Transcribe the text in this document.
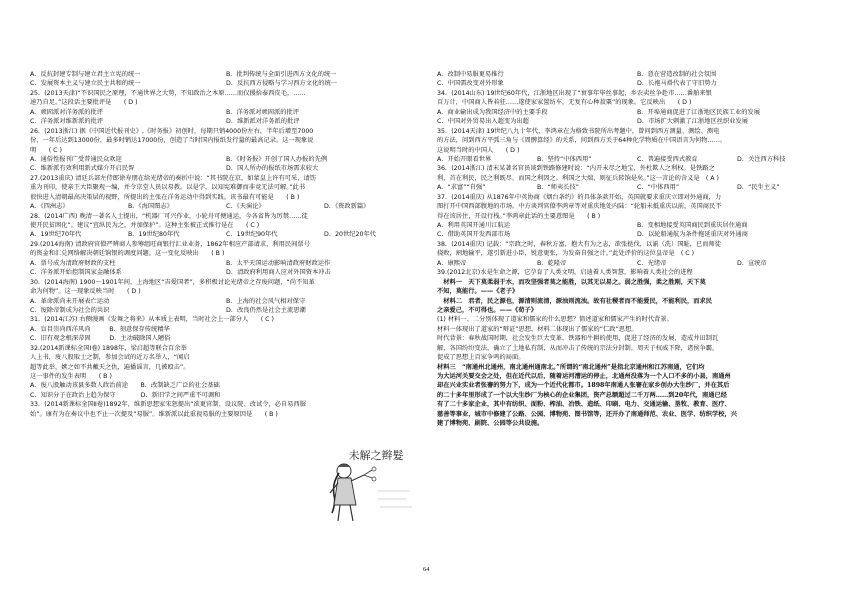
A．反抗封建专制与建立君主立宪的统一	B．批判传统与全面引进西方文化的统一
C．发展资本主义与建立民主共和的统一	D．反抗西方侵略与学习西方文化的统一
25．(2013天津)“不识国民之原理，不通世界之大势，不知政治之本原……而仅援拾泰西皮毛，……
速乃自足。”这段话主要批评是　　( D )
A．顽固派对洋务派的批评	B．洋务派对顽固派的批评
C．洋务派对维新派的批评	D．维新派对洋务派的批评
26．(2013浙江) 据《中国近代报刊史》,《时务报》初创时，每期只销4000份左右，半年后增至7000
份，一年后达到13000份，最多时销达17000份，创造了当时国内报纸发行量的最高记录。这一现象说
明　　( C )
A．通俗性报刊广受普通民众欢迎	B．《时务报》开创了国人办报的先例
C．维新派有效利用新式媒介开启民智	D．国人所办的报纸市场需求较大
27.(2013重庆) 清廷兵部左侍郎徐寿朋在给光绪帝的奏折中说：“其书院在京，如蒙皇上许有可采，请饬
重为刊印，使亲王大臣聚观一编，并令京堂人员以易教。以是学，以知宪难御而非竞无法可解。”此书
很快进入清朝最高决策层的视野，所提出的主张在洋务运动中得到实践。该书最有可能是　　( B )
A．《四洲志》	B．《海国图志》	C．《天演论》	D．《资政新篇》
28．(2014广西) 晚清一著名人士提出，“机器厂可兴作业，小轮舟可便通运，今各省皆为厉禁……徒
使开民贫困化”。建议“宜纵民为之，并加保护”。这种主张被正式推行是在　　( C )
A．19世纪70年代	B．19世纪80年代	C．19世纪90年代	D．20世纪20年代
29.(2014海南) 清政府官僚严辨商人参筹组旺商银行汇业业务，1862年相应产部请求，利用民间票号
的资金和汇兑网络解决朝廷饷银的调度问题。这一变化反映出　　( B )
A．票号成为清政府财政的支柱	B．太平天国运动影响清政府财政运作
C．洋务派开始控制国家金融体系	D．清政府利用商人应对外国资本冲击
30．(2014海南) 1900～1901年间，上海地区“吉爱国者”，多积极讨论光绪帝之存废问题，“尚不知革
命为何物”。这一现象反映当时　　( D )
A．革命派尚未开展表亡运动	B．上海的社会风气相对保守
C．废除帝制成为社会的共识	D．改良仍然是社会主流思潮
31．(2014江苏) 右侧漫画《发舞之将来》从本质上表明，当时社会上一部分人　　( C )
A．盲目崇尚西洋风尚　　　B．刻意保存传统精华
C．旧有观念根深蒂固　　　D．主动破除国人陋俗
32.(2014新课标全国Ⅰ卷) 1898年，梁启超等联合百余举
人上书，废八股取士之制，参加会试的近万名举人，“闻启
超等此举，嫉之如不共戴天之仇，遍播谣言，几被殴击”。
这一事件的发生表明　　( B )
A．废八股触动该县多数人政治前途　　B．改制缺乏广泛的社会基础
C．知识分子在政治上趋为保守　　　　D．新旧学之间严重不可调和
33．(2014新课标全国Ⅱ卷)1892年，维新思想家宋恕提出“欲更官制、设议院、改试令，必自易西服
始”。康有为在奏议中也不止一次提及“易服”。维新派以此重视易服的主要原因是　　( B )
A．改制中易服更易推行	B．意在营造改制的社会氛围
C．中国需改变对外形象	D．长袍马褂代表了守旧势力
34．(2014山东) 19世纪60年代，江浙地区出现了“衰事年毕丝事起，乡农卖丝争赴市……番舶来银
百万计，中国商人皆若狂……遂使家家置纺车，无复有心种菽粟”的现象。它反映出　　( D )
A．商业输出成为我国经济中的主要手段	B．开埠通商促进了江浙地区民族工业的发展
C．中国对外贸易出入超变为出超	D．市场扩大刺激了江浙地区丝织业发展
35．(2014天津) 19世纪八九十年代，李鸿章在为格致书院所出考题中，曾问到西方测量、测绘、测电
的方法，问到西方平弧三角与《周髀算经》的关系，问到西方关于64种化学物质在中国语言为何物……。
这说明当时的中国人　　( D )
A．开始开眼看世界	B．坚持“中体西用”	C．普遍接受西式教育	D．关注西方科技
36．(2014浙江) 清末某著名官员谈到铁路修建时说：“内开未尽之地宝，外杜欺人之利权。是铁路之
利，首在利民，民之利既尽，而国之利因之。利国之大端，则征兵转饷是矣。”这一言论的含义是　( A )
A．“求富”“自强”	B．“师夷长技”	C．“中体西用”	D．“民生主义”
37．(2014重庆) 从1876年中英协商《烟台条约》的具体条款开始，英国就要求重庆立即对外通商，力
图打开中国西部腹地的市场。中方谈判官僚李鸿章等对重庆地处内陆：“轮船未抵重庆以前，英国商民不
得在该居住，开设行栈。”李鸿章此话的主要意图是　　( B )
A．利用英国开通川江航运	B．变相地接受英国商民到重庆居住通商
C．借助英国开发西部市场	D．以轮船通航为条件拖延重庆对外通商
38．(2014重庆) 记载：“宗政之时，春秋方富，抱大有为之志，欲张挞伐，以湔（洗）国耻，已而师徒
挠败，割地输平，遂引新进小臣，锐意更张，为发奋自强之计。”此处评价的这位皇帝是　( C )
A．康熙帝	B．乾隆帝	C．光绪帝	D．宣统帝
39.(2012北京)水是生命之源，它孕育了人类文明，启迪着人类智慧，影响着人类社会的进程
　材料一　天下莫柔弱于水，而攻坚强者莫之能胜，以其无以易之。弱之胜强，柔之胜刚，天下莫
不知，莫能行。——《老子》
　材料二　君者，民之源也，源清则流清，源浊则流浊。故有社稷者而不能爱民，不能利民，而求民
之亲爱己，不可得也。——《荀子》
(1) 材料一、二分别体现了道家和儒家的什么思想？简述道家和儒家产生的时代背景。
材料一体现出了道家的“辩证”思想，材料二体现出了儒家的“仁政”思想。
时代背景：春秋战国时期，社会发生巨大变革，铁器和牛耕的使用，促进了经济的发展，造成井田制瓦
解，各国纷纷变法，确立了土地私有制，从而冲击了传统的宗法分封制。周天子权威下降，诸侯争霸，
促成了思想上百家争鸣的局面。
材料三　“南通州北通州，南北通州通南北。”所谓的“南北通州”是指北京通州和江苏南通，它们均
为大运河关要交会之处，但在近代以后，随着运河漕运的停止，北通州没落为一个人口不多的小县，南通州
却在兴业实业者张謇的努力下，成为一个近代化都市。1898年南通人张謇在家乡创办大生纱厂，并在其后
的二十多年里形成了一个以大生纱厂为核心的企业集团，资产总额超过二千万两……到20年代，南通已经
有了二十多家企业，其中有纺织、面粉、榨油、冶铁、造纸、印刷、电力、交通运输、垦牧、教育、医疗、
慈善等事业，城市中修建了公路、公园、博物苑、图书馆等，还开办了南通师范、农业、医学、纺织学校，兴
建了博物苑、剧院、公园等公共设施。
未解之辫髮
64
